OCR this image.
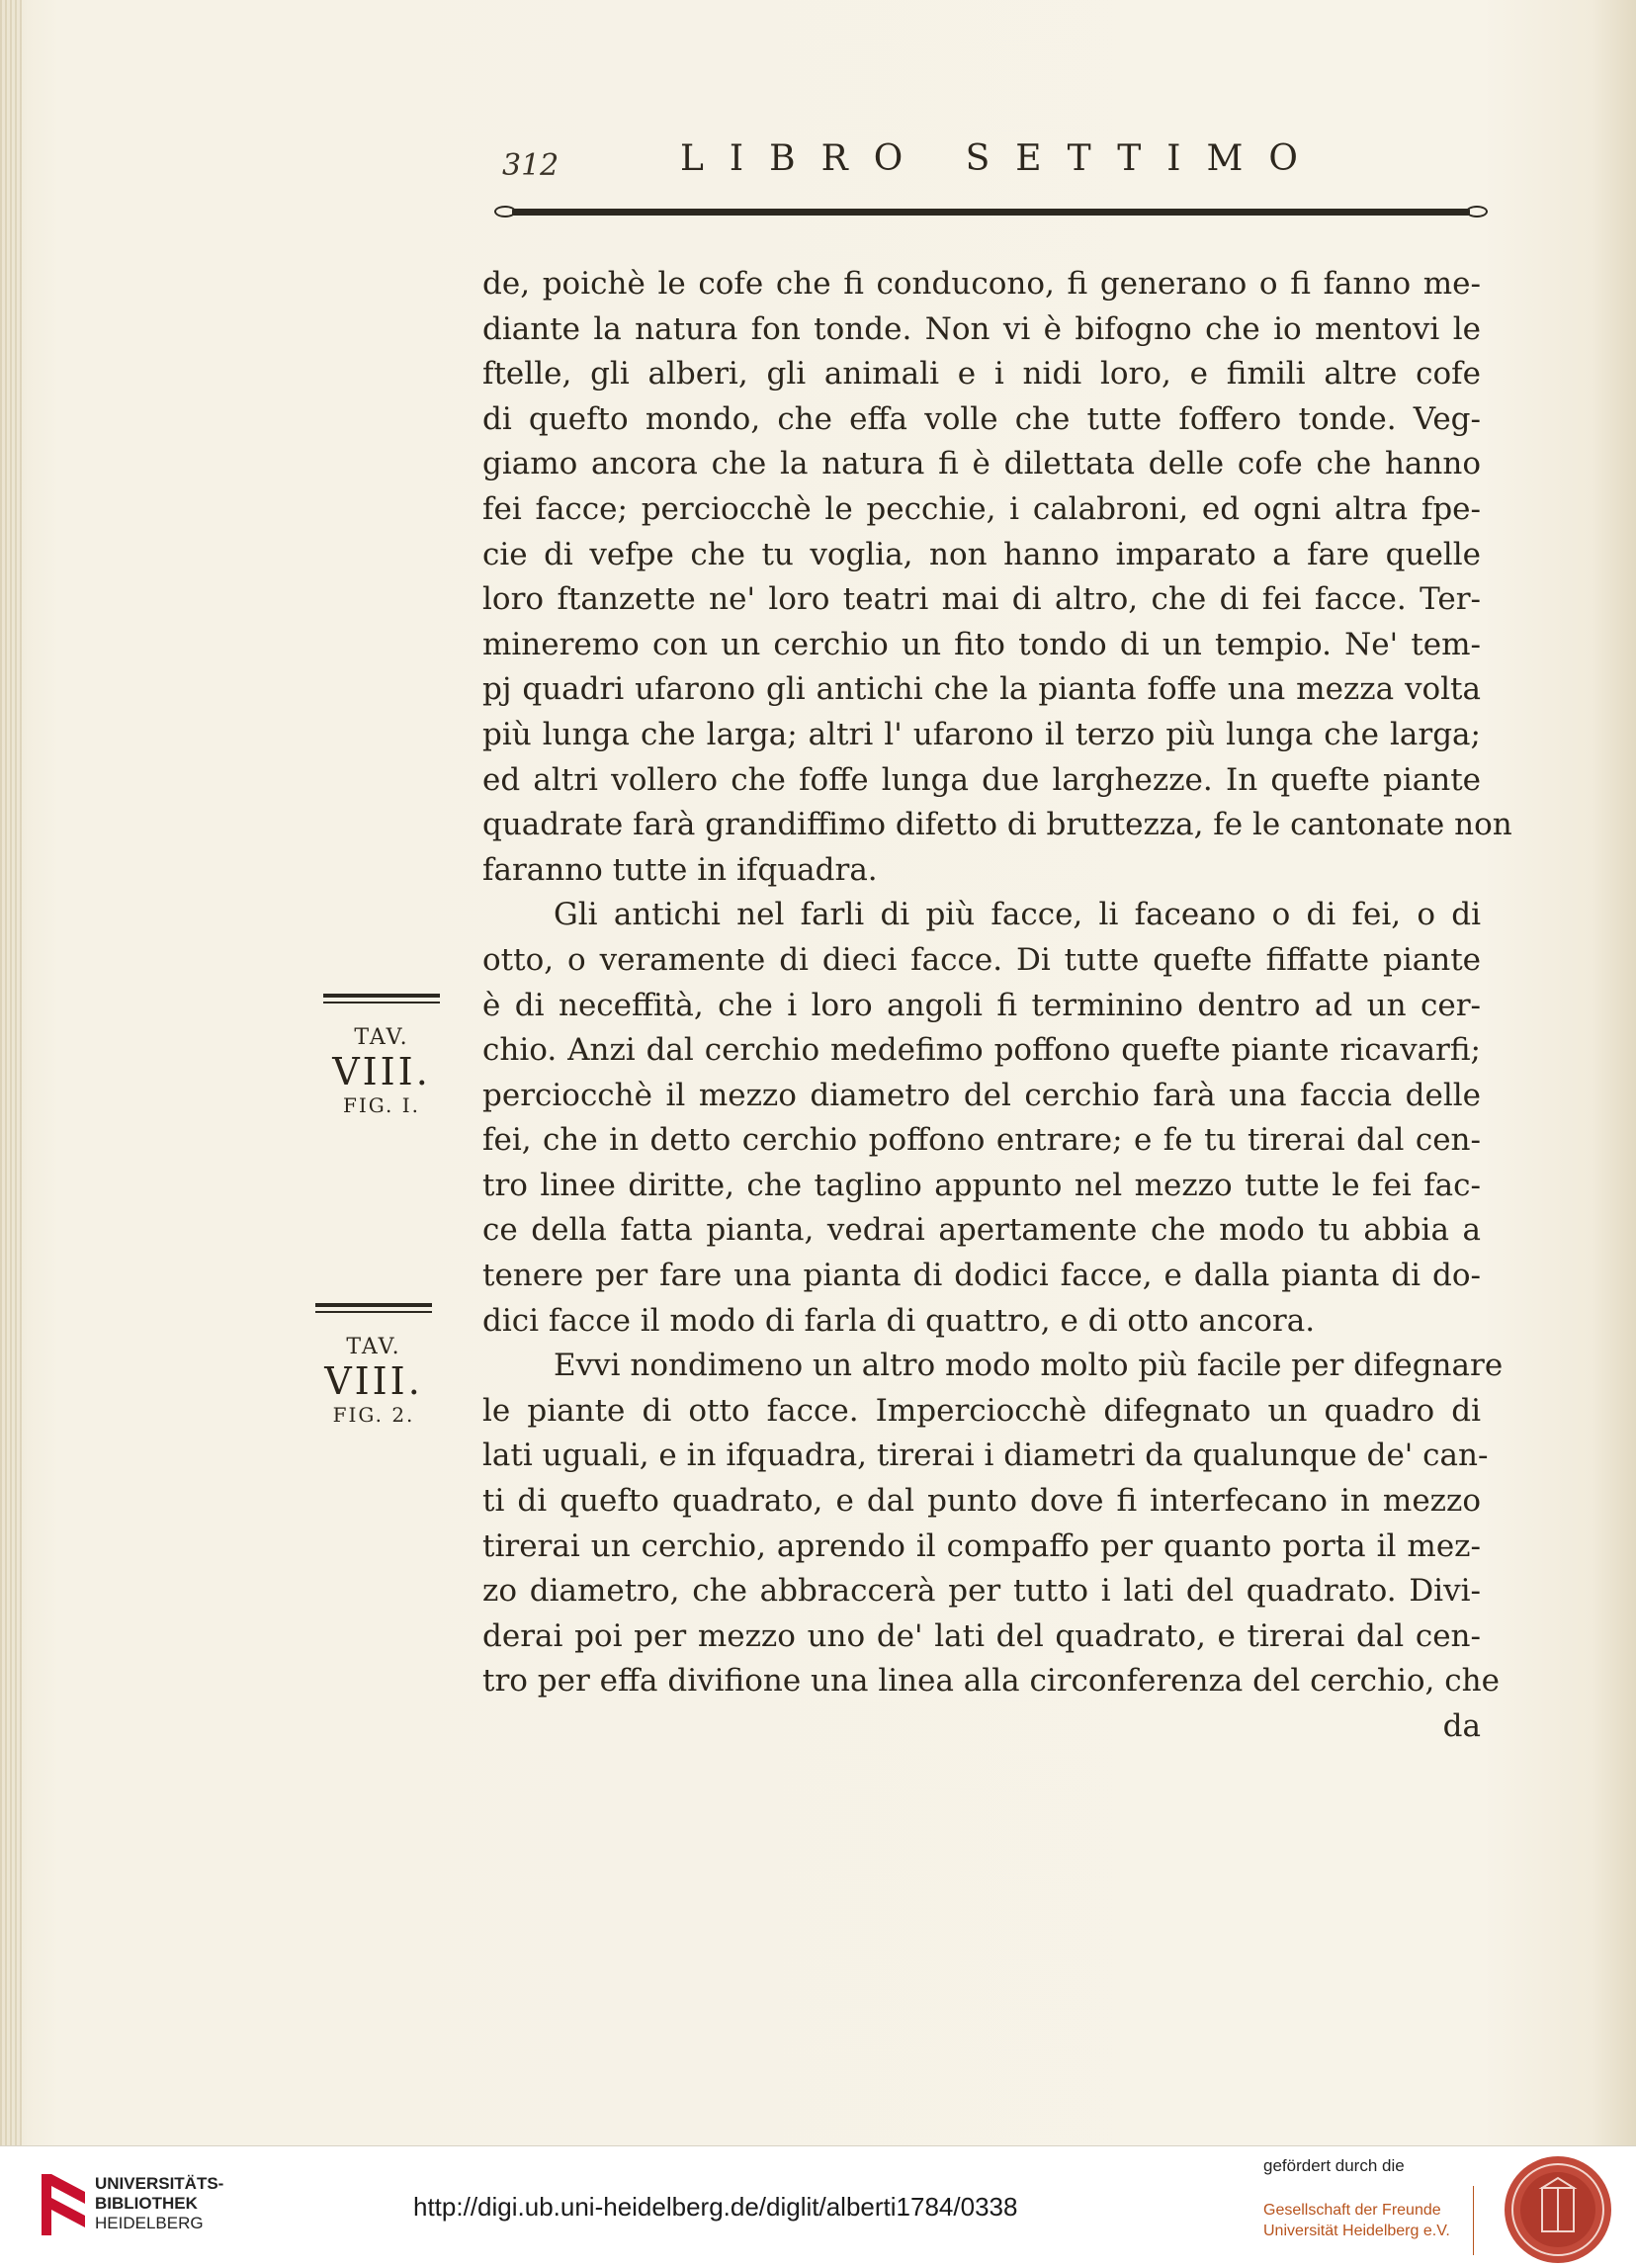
312	LIBRO SETTIMO
de, poichè le cofe che fi conducono, fi generano o fi fanno me-
diante la natura fon tonde. Non vi è bifogno che io mentovi le
ftelle, gli alberi, gli animali e i nidi loro, e fimili altre cofe
di quefto mondo, che effa volle che tutte foffero tonde. Veg-
giamo ancora che la natura fi è dilettata delle cofe che hanno
fei facce; perciocchè le pecchie, i calabroni, ed ogni altra fpe-
cie di vefpe che tu voglia, non hanno imparato a fare quelle
loro ftanzette ne' loro teatri mai di altro, che di fei facce. Ter-
mineremo con un cerchio un fito tondo di un tempio. Ne' tem-
pj quadri ufarono gli antichi che la pianta foffe una mezza volta
più lunga che larga; altri l' ufarono il terzo più lunga che larga;
ed altri vollero che foffe lunga due larghezze. In quefte piante
quadrate farà grandiffimo difetto di bruttezza, fe le cantonate non
faranno tutte in ifquadra.
Gli antichi nel farli di più facce, li faceano o di fei, o di
otto, o veramente di dieci facce. Di tutte quefte fiffatte piante
è di neceffità, che i loro angoli fi terminino dentro ad un cer-
chio. Anzi dal cerchio medefimo poffono quefte piante ricavarfi;
perciocchè il mezzo diametro del cerchio farà una faccia delle
fei, che in detto cerchio poffono entrare; e fe tu tirerai dal cen-
tro linee diritte, che taglino appunto nel mezzo tutte le fei fac-
ce della fatta pianta, vedrai apertamente che modo tu abbia a
tenere per fare una pianta di dodici facce, e dalla pianta di do-
dici facce il modo di farla di quattro, e di otto ancora.
Evvi nondimeno un altro modo molto più facile per difegnare
le piante di otto facce. Imperciocchè difegnato un quadro di
lati uguali, e in ifquadra, tirerai i diametri da qualunque de' can-
ti di quefto quadrato, e dal punto dove fi interfecano in mezzo
tirerai un cerchio, aprendo il compaffo per quanto porta il mez-
zo diametro, che abbraccerà per tutto i lati del quadrato. Divi-
derai poi per mezzo uno de' lati del quadrato, e tirerai dal cen-
tro per effa divifione una linea alla circonferenza del cerchio, che
da
TAV.
VIII.
FIG. I.
TAV.
VIII.
FIG. 2.
UNIVERSITÄTS-
BIBLIOTHEK
HEIDELBERG
http://digi.ub.uni-heidelberg.de/diglit/alberti1784/0338
gefördert durch die
Gesellschaft der Freunde
Universität Heidelberg e.V.
